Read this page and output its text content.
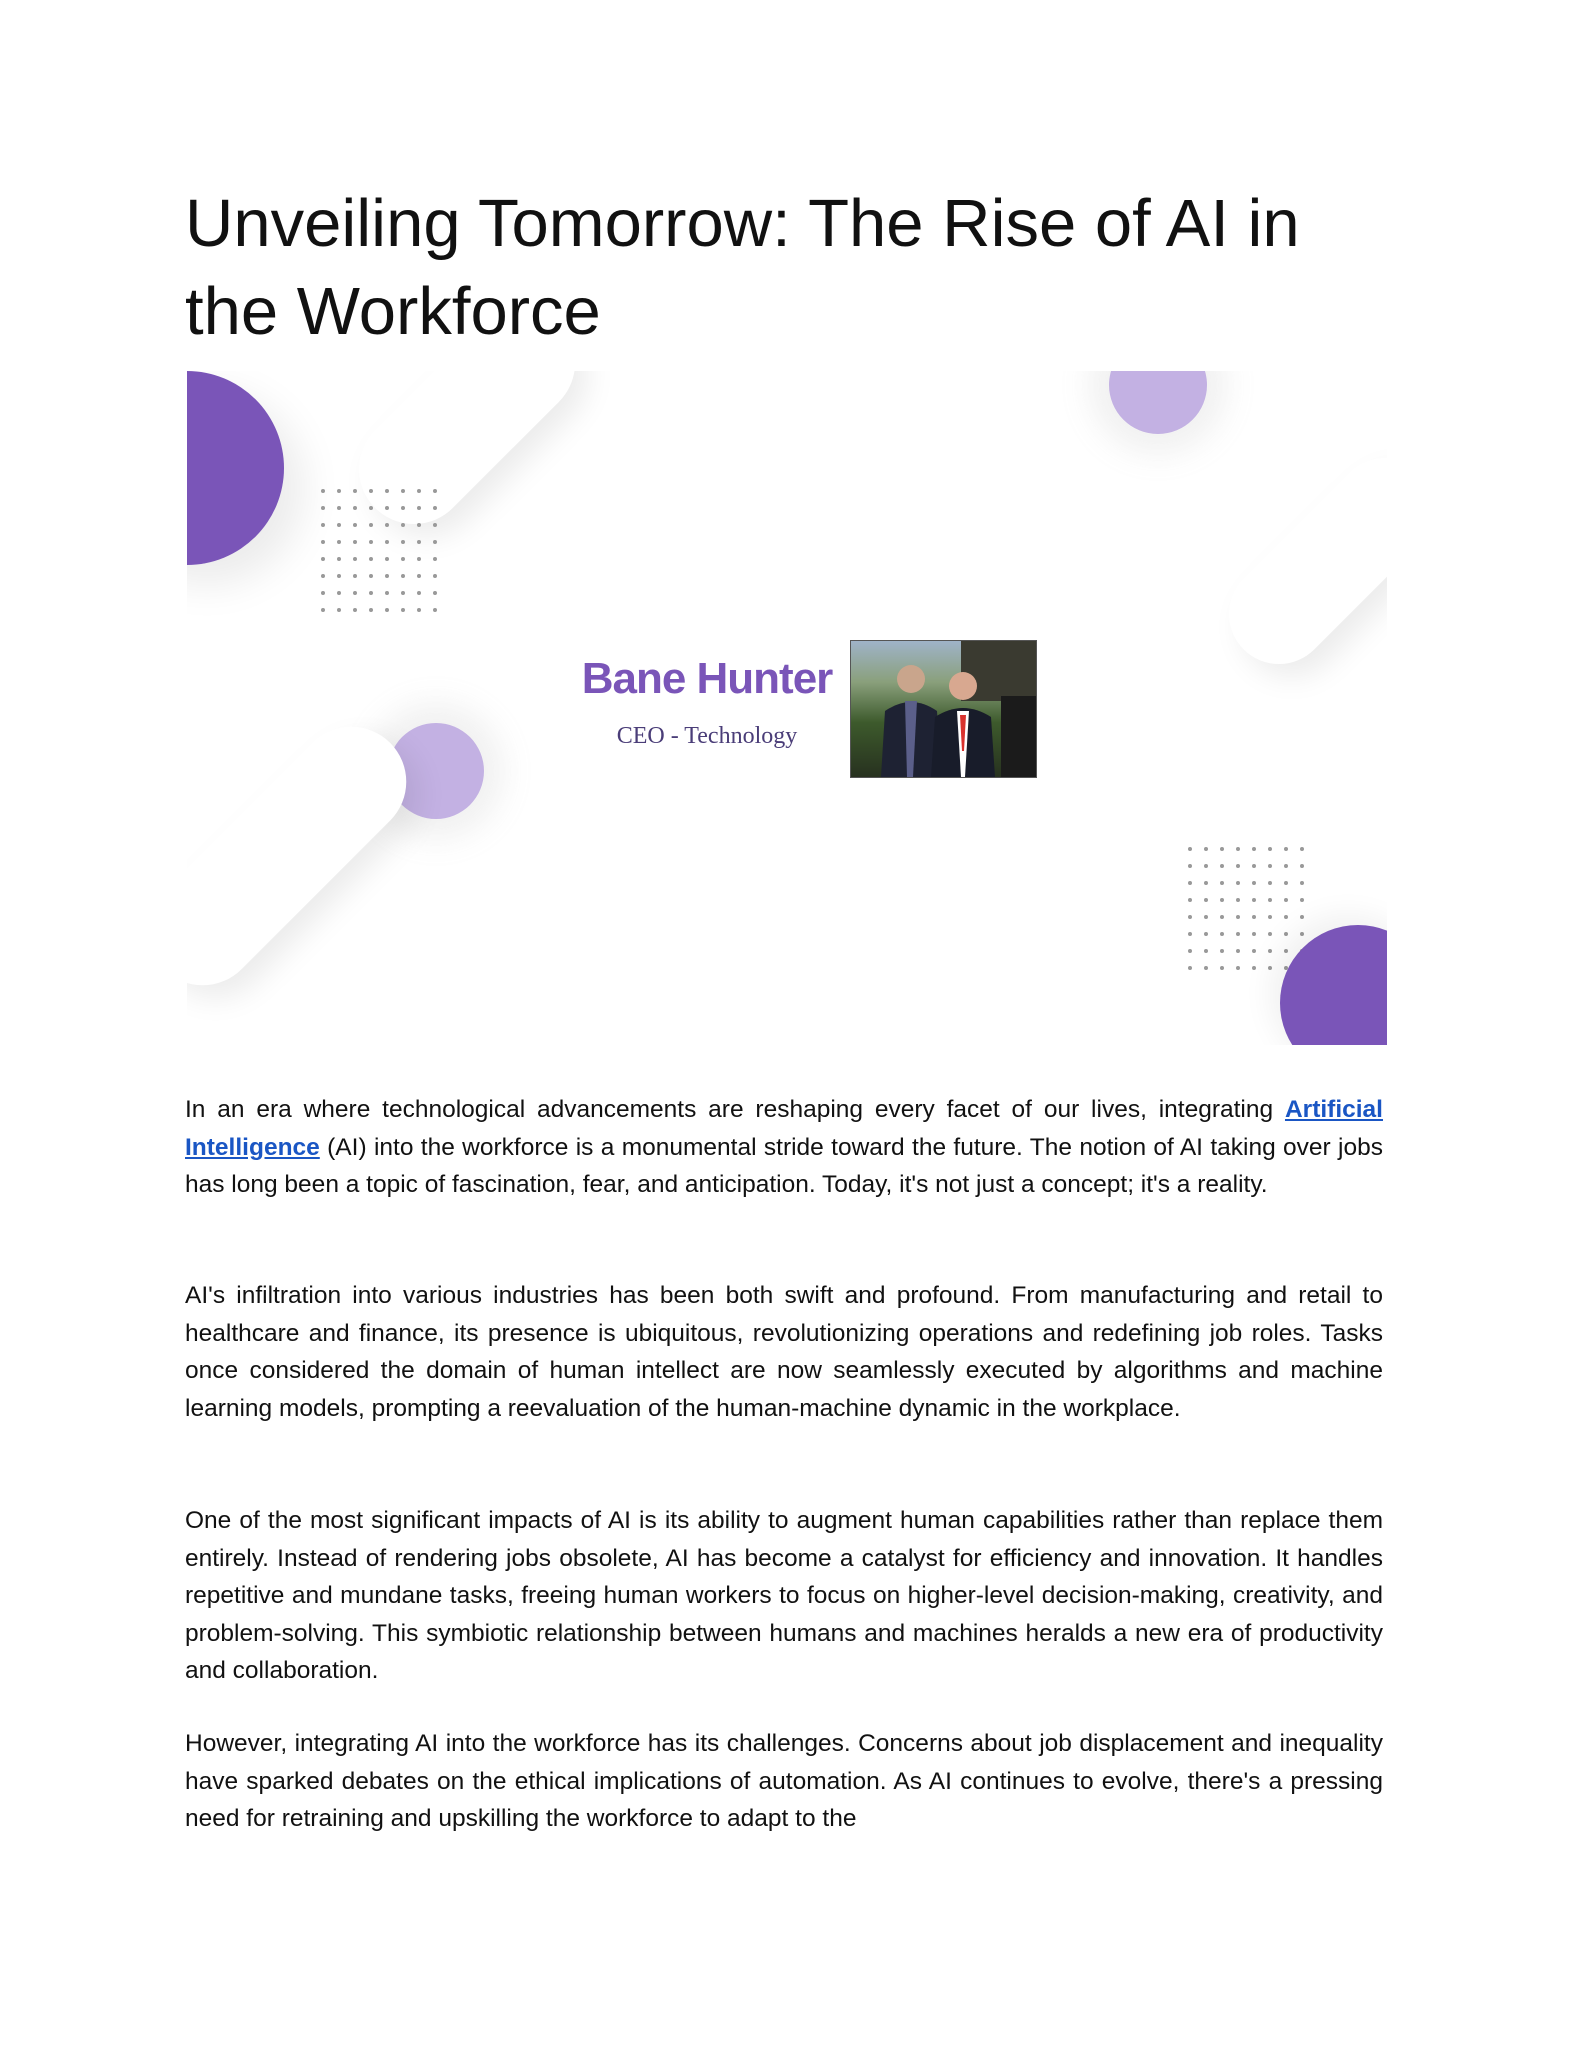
Unveiling Tomorrow: The Rise of AI in the Workforce
Bane Hunter
CEO - Technology

In an era where technological advancements are reshaping every facet of our lives, integrating Artificial Intelligence (AI) into the workforce is a monumental stride toward the future. The notion of AI taking over jobs has long been a topic of fascination, fear, and anticipation. Today, it's not just a concept; it's a reality.

AI's infiltration into various industries has been both swift and profound. From manufacturing and retail to healthcare and finance, its presence is ubiquitous, revolutionizing operations and redefining job roles. Tasks once considered the domain of human intellect are now seamlessly executed by algorithms and machine learning models, prompting a reevaluation of the human-machine dynamic in the workplace.

One of the most significant impacts of AI is its ability to augment human capabilities rather than replace them entirely. Instead of rendering jobs obsolete, AI has become a catalyst for efficiency and innovation. It handles repetitive and mundane tasks, freeing human workers to focus on higher-level decision-making, creativity, and problem-solving. This symbiotic relationship between humans and machines heralds a new era of productivity and collaboration.

However, integrating AI into the workforce has its challenges. Concerns about job displacement and inequality have sparked debates on the ethical implications of automation. As AI continues to evolve, there's a pressing need for retraining and upskilling the workforce to adapt to the
